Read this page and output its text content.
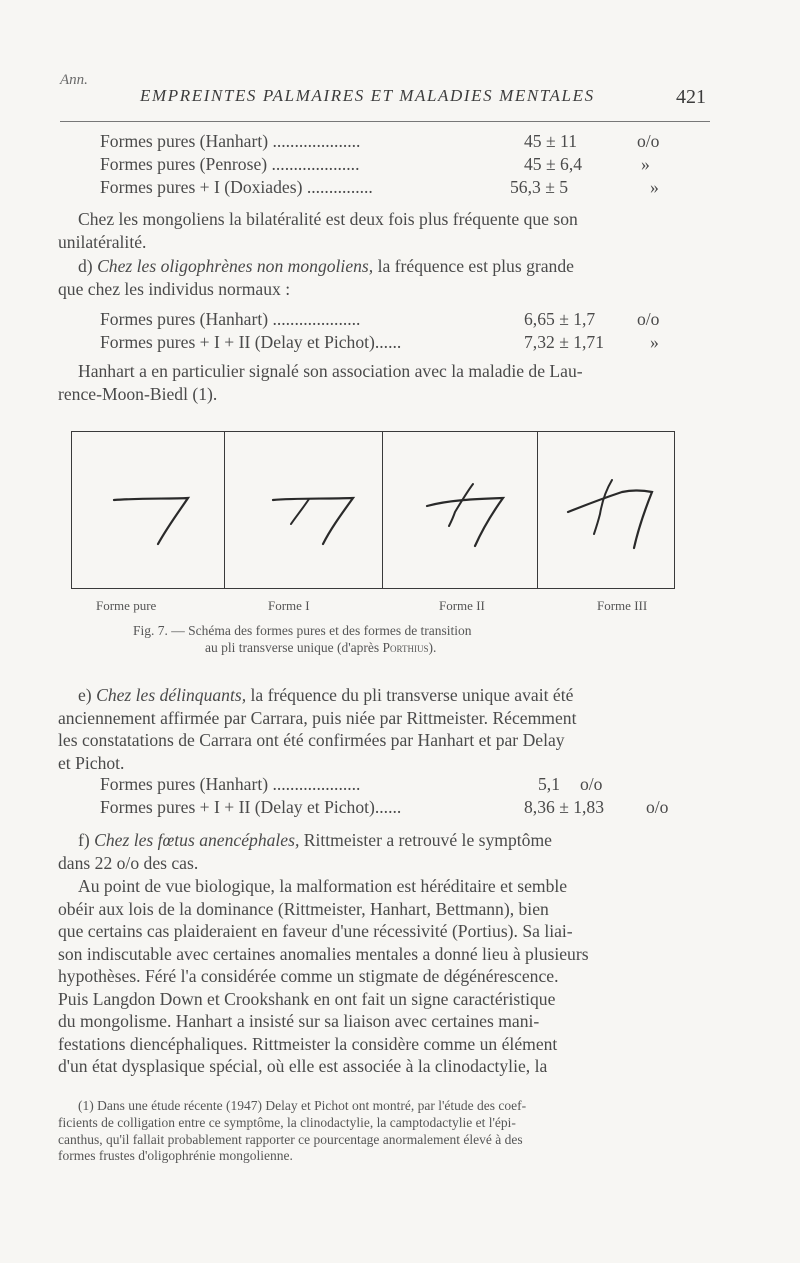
Ann.
EMPREINTES PALMAIRES ET MALADIES MENTALES	421
Formes pures (Hanhart) ....................	45 ± 11	o/o
Formes pures (Penrose) ....................	45 ± 6,4	»
Formes pures + I (Doxiades) ...............	56,3 ± 5	»
Chez les mongoliens la bilatéralité est deux fois plus fréquente que son
unilatéralité.
d) Chez les oligophrènes non mongoliens, la fréquence est plus grande
que chez les individus normaux :
Formes pures (Hanhart) ....................	6,65 ± 1,7 o/o
Formes pures + I + II (Delay et Pichot)......	7,32 ± 1,71	»
Hanhart a en particulier signalé son association avec la maladie de Lau-
rence-Moon-Biedl (1).
Forme pure	Forme I	Forme II	Forme III
Fig. 7. — Schéma des formes pures et des formes de transition
au pli transverse unique (d'après Porthius).
e) Chez les délinquants, la fréquence du pli transverse unique avait été
anciennement affirmée par Carrara, puis niée par Rittmeister. Récemment
les constatations de Carrara ont été confirmées par Hanhart et par Delay
et Pichot.
Formes pures (Hanhart) ....................	5,1 o/o
Formes pures + I + II (Delay et Pichot)......	8,36 ± 1,83 o/o
f) Chez les fœtus anencéphales, Rittmeister a retrouvé le symptôme
dans 22 o/o des cas.
Au point de vue biologique, la malformation est héréditaire et semble
obéir aux lois de la dominance (Rittmeister, Hanhart, Bettmann), bien
que certains cas plaideraient en faveur d'une récessivité (Portius). Sa liai-
son indiscutable avec certaines anomalies mentales a donné lieu à plusieurs
hypothèses. Féré l'a considérée comme un stigmate de dégénérescence.
Puis Langdon Down et Crookshank en ont fait un signe caractéristique
du mongolisme. Hanhart a insisté sur sa liaison avec certaines mani-
festations diencéphaliques. Rittmeister la considère comme un élément
d'un état dysplasique spécial, où elle est associée à la clinodactylie, la
(1) Dans une étude récente (1947) Delay et Pichot ont montré, par l'étude des coef-
ficients de colligation entre ce symptôme, la clinodactylie, la camptodactylie et l'épi-
canthus, qu'il fallait probablement rapporter ce pourcentage anormalement élevé à des
formes frustes d'oligophrénie mongolienne.
